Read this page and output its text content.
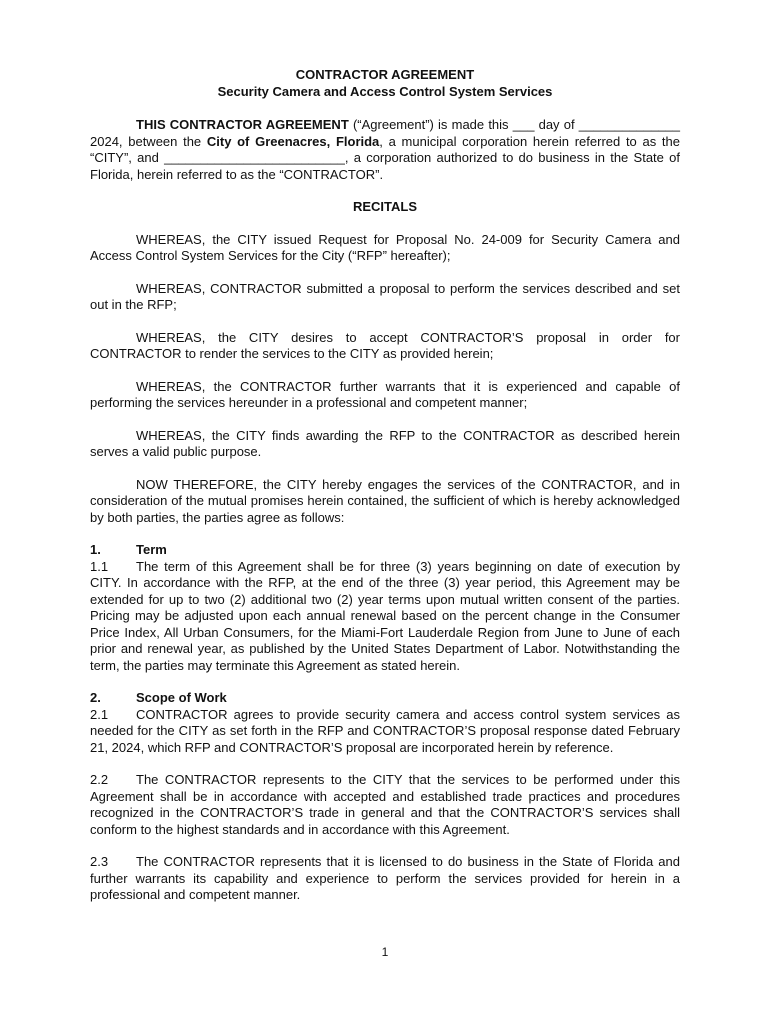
CONTRACTOR AGREEMENT

Security Camera and Access Control System Services

THIS CONTRACTOR AGREEMENT (“Agreement”) is made this ___ day of ______________ 2024, between the City of Greenacres, Florida, a municipal corporation herein referred to as the “CITY”, and _________________________, a corporation authorized to do business in the State of Florida, herein referred to as the “CONTRACTOR”.

RECITALS

WHEREAS, the CITY issued Request for Proposal No. 24-009 for Security Camera and Access Control System Services for the City (“RFP” hereafter);

WHEREAS, CONTRACTOR submitted a proposal to perform the services described and set out in the RFP;

WHEREAS, the CITY desires to accept CONTRACTOR’S proposal in order for CONTRACTOR to render the services to the CITY as provided herein;

WHEREAS, the CONTRACTOR further warrants that it is experienced and capable of performing the services hereunder in a professional and competent manner;

WHEREAS, the CITY finds awarding the RFP to the CONTRACTOR as described herein serves a valid public purpose.

NOW THEREFORE, the CITY hereby engages the services of the CONTRACTOR, and in consideration of the mutual promises herein contained, the sufficient of which is hereby acknowledged by both parties, the parties agree as follows:

1.	Term

1.1 The term of this Agreement shall be for three (3) years beginning on date of execution by CITY. In accordance with the RFP, at the end of the three (3) year period, this Agreement may be extended for up to two (2) additional two (2) year terms upon mutual written consent of the parties. Pricing may be adjusted upon each annual renewal based on the percent change in the Consumer Price Index, All Urban Consumers, for the Miami-Fort Lauderdale Region from June to June of each prior and renewal year, as published by the United States Department of Labor. Notwithstanding the term, the parties may terminate this Agreement as stated herein.

2.	Scope of Work

2.1 CONTRACTOR agrees to provide security camera and access control system services as needed for the CITY as set forth in the RFP and CONTRACTOR’S proposal response dated February 21, 2024, which RFP and CONTRACTOR’S proposal are incorporated herein by reference.

2.2 The CONTRACTOR represents to the CITY that the services to be performed under this Agreement shall be in accordance with accepted and established trade practices and procedures recognized in the CONTRACTOR’S trade in general and that the CONTRACTOR’S services shall conform to the highest standards and in accordance with this Agreement.

2.3 The CONTRACTOR represents that it is licensed to do business in the State of Florida and further warrants its capability and experience to perform the services provided for herein in a professional and competent manner.

1
